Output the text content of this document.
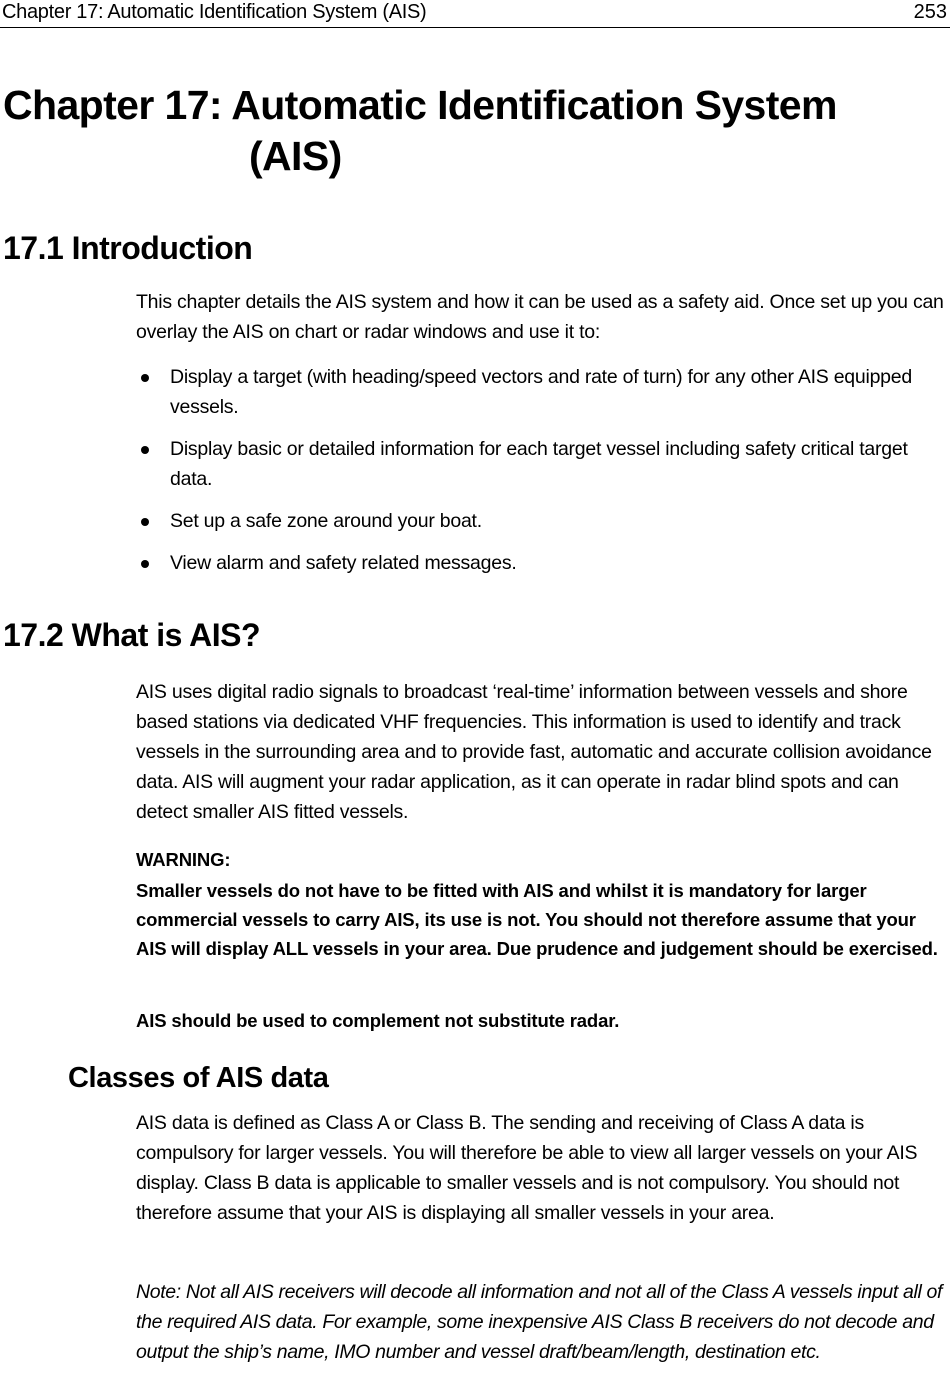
Chapter 17: Automatic Identification System (AIS)	253
Chapter 17: Automatic Identification System
(AIS)
17.1 Introduction

This chapter details the AIS system and how it can be used as a safety aid. Once set up you can overlay the AIS on chart or radar windows and use it to:

Display a target (with heading/speed vectors and rate of turn) for any other AIS equipped vessels.
Display basic or detailed information for each target vessel including safety critical target data.
Set up a safe zone around your boat.
View alarm and safety related messages.
17.2 What is AIS?

AIS uses digital radio signals to broadcast ‘real-time’ information between vessels and shore based stations via dedicated VHF frequencies. This information is used to identify and track vessels in the surrounding area and to provide fast, automatic and accurate collision avoidance data. AIS will augment your radar application, as it can operate in radar blind spots and can detect smaller AIS fitted vessels.

WARNING:

Smaller vessels do not have to be fitted with AIS and whilst it is mandatory for larger commercial vessels to carry AIS, its use is not. You should not therefore assume that your AIS will display ALL vessels in your area. Due prudence and judgement should be exercised.

AIS should be used to complement not substitute radar.

Classes of AIS data

AIS data is defined as Class A or Class B. The sending and receiving of Class A data is compulsory for larger vessels. You will therefore be able to view all larger vessels on your AIS display. Class B data is applicable to smaller vessels and is not compulsory. You should not therefore assume that your AIS is displaying all smaller vessels in your area.

Note: Not all AIS receivers will decode all information and not all of the Class A vessels input all of the required AIS data. For example, some inexpensive AIS Class B receivers do not decode and output the ship’s name, IMO number and vessel draft/beam/length, destination etc.
